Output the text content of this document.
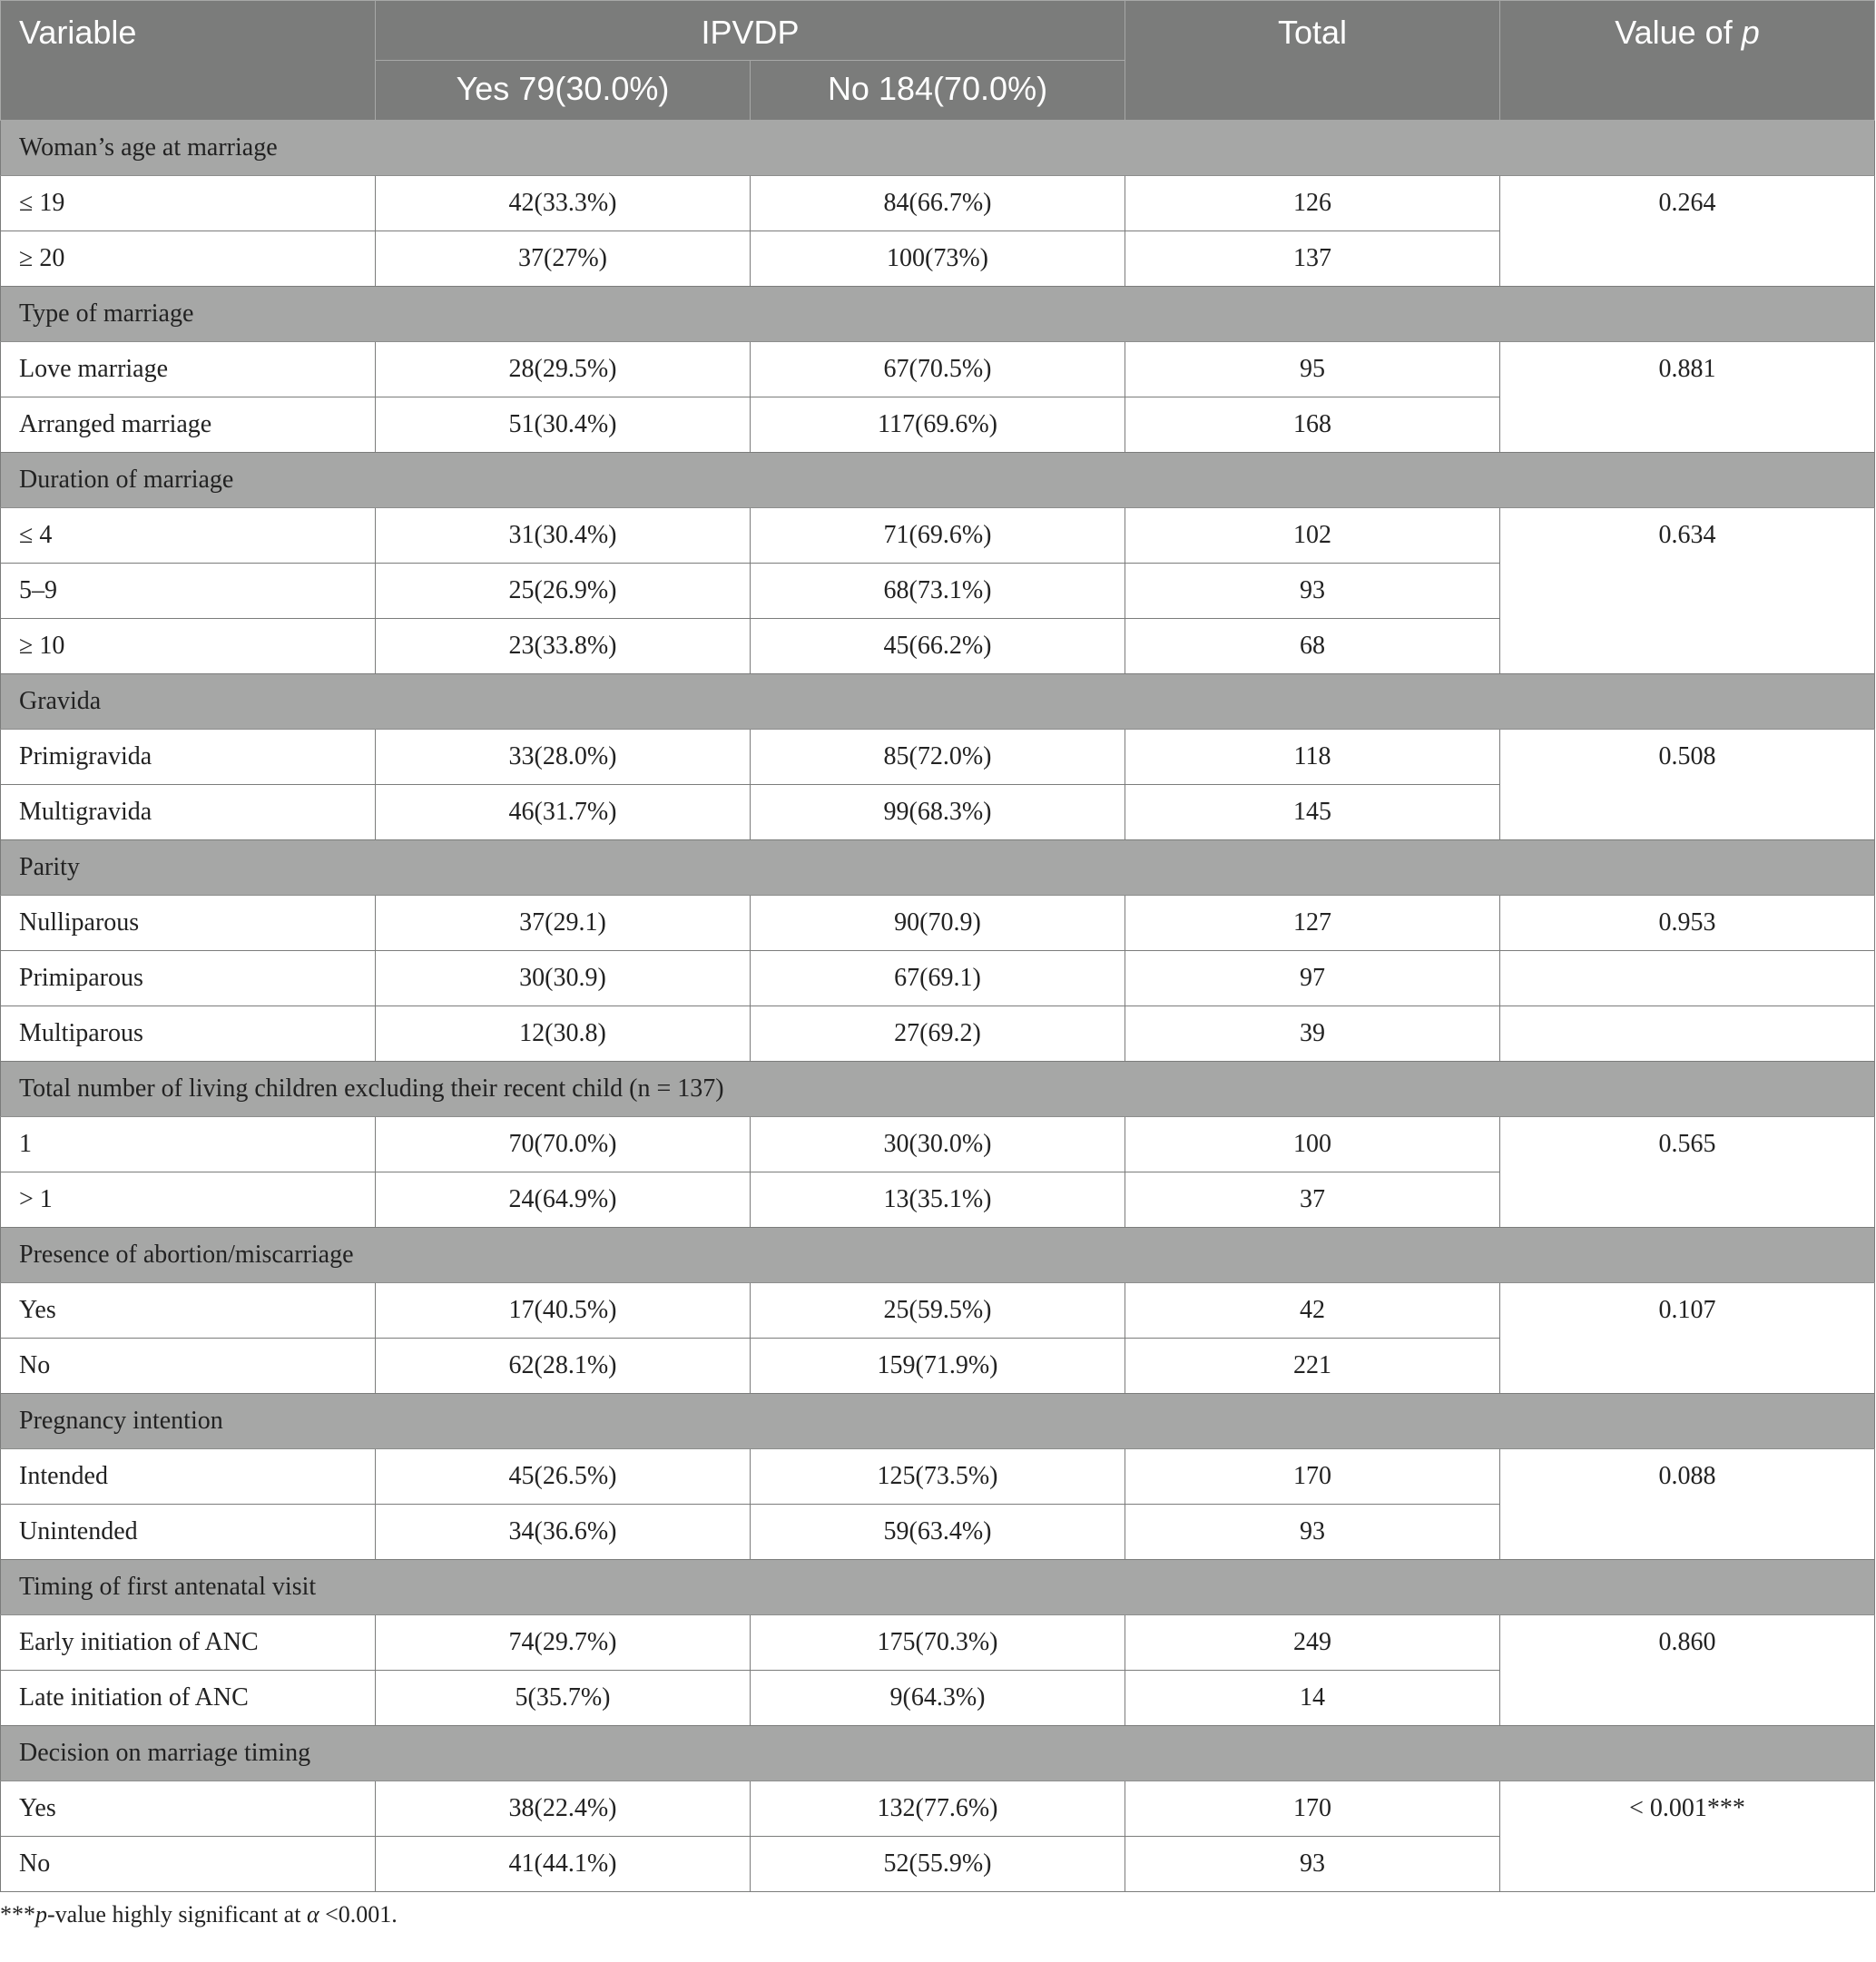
Variable	IPVDP		Total	Value of p
	Yes 79(30.0%)	No 184(70.0%)		
Woman’s age at marriage				
≤ 19	42(33.3%)	84(66.7%)	126	0.264
≥ 20	37(27%)	100(73%)	137	
Type of marriage				
Love marriage	28(29.5%)	67(70.5%)	95	0.881
Arranged marriage	51(30.4%)	117(69.6%)	168	
Duration of marriage				
≤ 4	31(30.4%)	71(69.6%)	102	0.634
5–9	25(26.9%)	68(73.1%)	93	
≥ 10	23(33.8%)	45(66.2%)	68	
Gravida				
Primigravida	33(28.0%)	85(72.0%)	118	0.508
Multigravida	46(31.7%)	99(68.3%)	145	
Parity				
Nulliparous	37(29.1)	90(70.9)	127	0.953
Primiparous	30(30.9)	67(69.1)	97	
Multiparous	12(30.8)	27(69.2)	39	
Total number of living children excluding their recent child (n = 137)				
1	70(70.0%)	30(30.0%)	100	0.565
> 1	24(64.9%)	13(35.1%)	37	
Presence of abortion/miscarriage				
Yes	17(40.5%)	25(59.5%)	42	0.107
No	62(28.1%)	159(71.9%)	221	
Pregnancy intention				
Intended	45(26.5%)	125(73.5%)	170	0.088
Unintended	34(36.6%)	59(63.4%)	93	
Timing of first antenatal visit				
Early initiation of ANC	74(29.7%)	175(70.3%)	249	0.860
Late initiation of ANC	5(35.7%)	9(64.3%)	14	
Decision on marriage timing				
Yes	38(22.4%)	132(77.6%)	170	< 0.001***
No	41(44.1%)	52(55.9%)	93	
***p-value highly significant at α <0.001.
